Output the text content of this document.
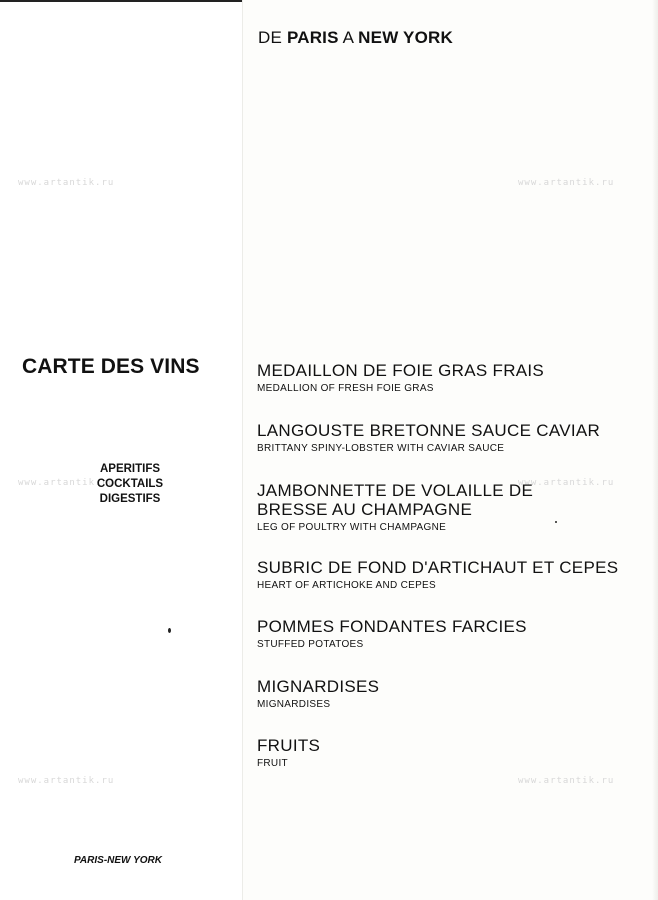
www.artantik.ru	www.artantik.ru
www.artantik.ru	www.artantik.ru
www.artantik.ru	www.artantik.ru
DE PARIS A NEW YORK
CARTE DES VINS
APERITIFS
COCKTAILS
DIGESTIFS
PARIS-NEW YORK
MEDAILLON DE FOIE GRAS FRAIS
MEDALLION OF FRESH FOIE GRAS
LANGOUSTE BRETONNE SAUCE CAVIAR
BRITTANY SPINY-LOBSTER WITH CAVIAR SAUCE
JAMBONNETTE DE VOLAILLE DE BRESSE AU CHAMPAGNE
LEG OF POULTRY WITH CHAMPAGNE
SUBRIC DE FOND D'ARTICHAUT ET CEPES
HEART OF ARTICHOKE AND CEPES
POMMES FONDANTES FARCIES
STUFFED POTATOES
MIGNARDISES
MIGNARDISES
FRUITS
FRUIT
